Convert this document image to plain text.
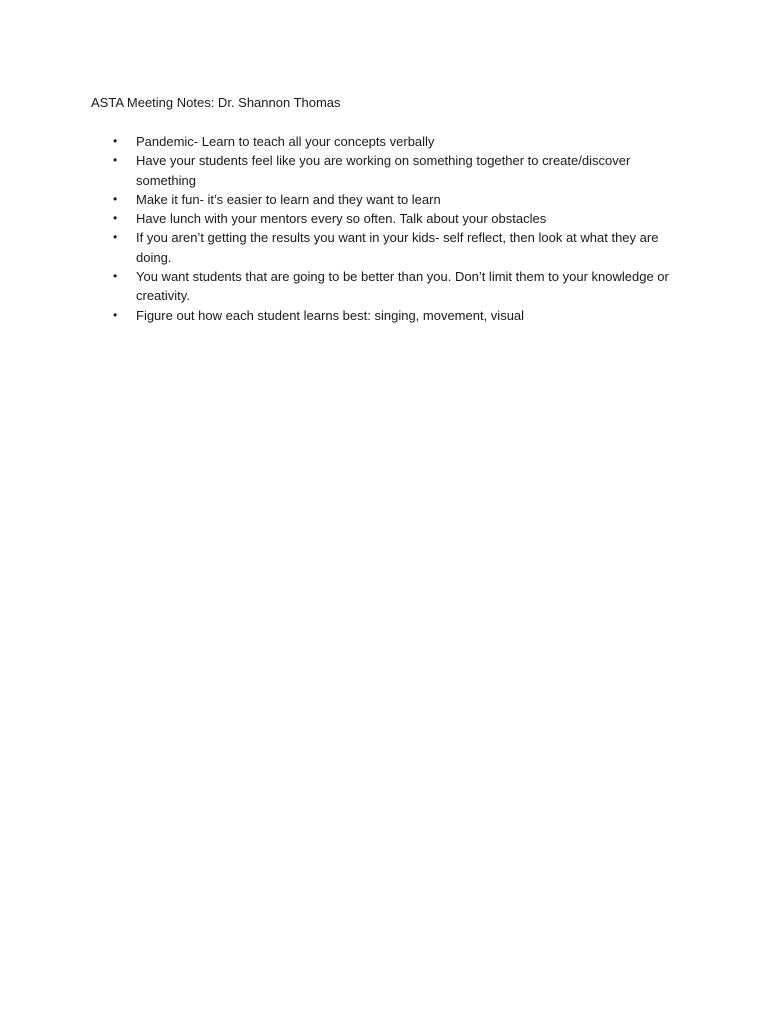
ASTA Meeting Notes: Dr. Shannon Thomas
• Pandemic- Learn to teach all your concepts verbally
• Have your students feel like you are working on something together to create/discover something
• Make it fun- it’s easier to learn and they want to learn
• Have lunch with your mentors every so often. Talk about your obstacles
• If you aren’t getting the results you want in your kids- self reflect, then look at what they are doing.
• You want students that are going to be better than you. Don’t limit them to your knowledge or creativity.
• Figure out how each student learns best: singing, movement, visual
